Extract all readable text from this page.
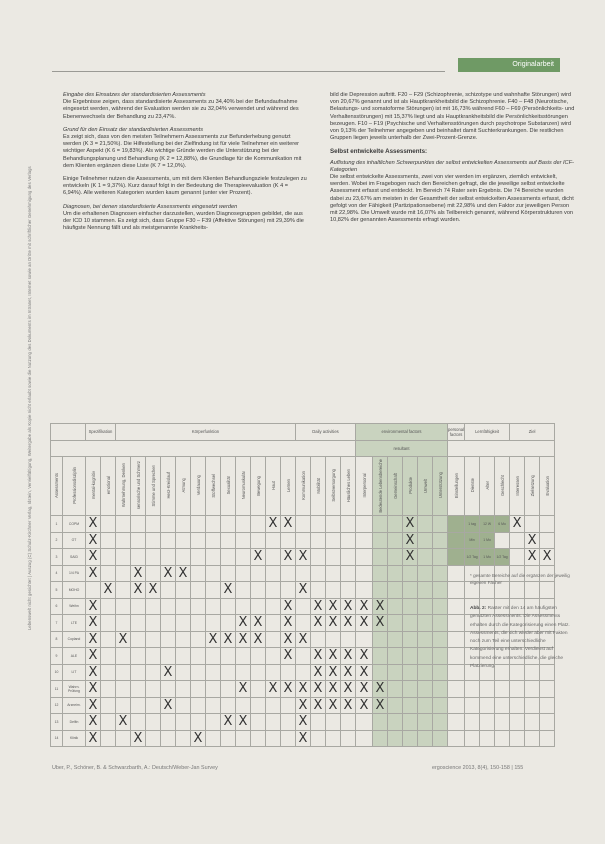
Originalarbeit
Lebenswelt nicht gesichtet | Auszug (C) Schulz-Kirchner Verlag, Idstein, Vervielfältigung, Weitergabe als Kopie nicht erlaubt sowie die Nutzung des Dokuments im Intranet, Internet sowie an Dritte mit schriftlicher Genehmigung des Verlags

Eingabe des Einsatzes der standardisierten Assessments

Die Ergebnisse zeigen, dass standardisierte Assessments zu 34,40% bei der Befundaufnahme eingesetzt werden, während der Evaluation werden sie zu 32,04% verwendet und während des Ebenenwechsels der Behandlung zu 23,47%.

Grund für den Einsatz der standardisierten Assessments

Es zeigt sich, dass von den meisten Teilnehmern Assessments zur Befunderhebung genutzt werden (K 3 = 21,50%). Die Hilfestellung bei der Zielfindung ist für viele Teilnehmer ein weiterer wichtiger Aspekt (K 6 = 19,83%). Als wichtige Gründe werden die Unterstützung bei der Behandlungsplanung und Behandlung (K 2 = 12,88%), die Grundlage für die Kommunikation mit dem Klienten ergänzen diese Liste (K 7 = 12,0%).

Einige Teilnehmer nutzen die Assessments, um mit dem Klienten Behandlungsziele festzulegen zu entwickeln (K 1 = 9,37%). Kurz darauf folgt in der Bedeutung die Therapieevaluation (K 4 = 6,94%). Alle weiteren Kategorien wurden kaum genannt (unter vier Prozent).

Diagnosen, bei denen standardisierte Assessments eingesetzt werden

Um die erhaltenen Diagnosen einfacher darzustellen, wurden Diagnosegruppen gebildet, die aus der ICD 10 stammen. Es zeigt sich, dass Gruppe F30 – F39 (Affektive Störungen) mit 29,39% die häufigste Nennung fällt und als meistgenannte Krankheits-

bild die Depression auftritt. F20 – F29 (Schizophrenie, schizotype und wahnhafte Störungen) wird von 20,67% genannt und ist als Hauptkrankheitsbild die Schizophrenie. F40 – F48 (Neurotische, Belastungs- und somatoforme Störungen) ist mit 16,73% während F60 – F69 (Persönlichkeits- und Verhaltensstörungen) mit 15,37% liegt und als Hauptkrankheitsbild die Persönlichkeitsstörungen bezeugen. F10 – F19 (Psychische und Verhaltensstörungen durch psychotrope Substanzen) wird von 9,13% der Teilnehmer angegeben und beinhaltet damit Suchterkrankungen. Die restlichen Gruppen liegen jeweils unterhalb der Zwei-Prozent-Grenze.

Selbst entwickelte Assessments:

Auflistung des inhaltlichen Schwerpunktes der selbst entwickelten Assessments auf Basis der ICF-Kategorien

Die selbst entwickelte Assessments, zwei von vier werden im ergänzen, ziemlich entwickelt, werden. Wobei im Fragebogen nach den Bereichen gefragt, die die jeweilige selbst entwickelte Assessment erfasst und entdeckt. Im Bereich 74 Rater sein Ergebnis. Die 74 Bereiche wurden dabei zu 23,67% am meisten in der Gesamtheit der selbst entwickelten Assessments erfasst, dicht gefolgt von der Fähigkeit (Partizipationsebene) mit 22,98% und den Faktor zur jeweiligen Person mit 22,98%. Die Umwelt wurde mit 16,07% als Teilbereich genannt, während Körperstrukturen von 10,82% der genannten Assessments erfragt wurden.

		Spezifikation		Körperfunktion												Daily activities				environmental factors						personal factors	Lernfähigkeit			Ziel		
																				resultant												
Assessments	Professionsdisziplin	mental-kognitiv	emotional	Wahrnehmung, Denken	sensorische und Schmerz	Stimme und Sprechen	Herz-Kreislauf	Atmung	Verdauung	Stoffwechsel	Sexualität	Neuromuskulär	Bewegung	Haut	Lernen	Kommunikation	Mobilität	Selbstversorgung	Häusliches Leben	Interpersonal	Bedeutende Lebensbereiche	Gemeinschaft	Produkte	Umwelt	Unterstützung	Einstellungen	Dienste	Alter	Geschlecht	Interessen	Zielsetzung	Evaluation
1	COPM	X												X	X								X				1 tag	12 W	6 Mo	X		
2	OT	X																					X				Min	1 Mo			X	
3	SAID	X											X		X	X							X				1/2 Tag	1 Mo	1/2 Tag		X	X
4	1/4 PA	X			X		X	X																								
5	MOHO		X		X	X					X					X																
6	Weihn	X													X		X	X	X	X	X											
7	LTE	X										X	X		X		X	X	X	X	X											
8	Copland	X		X						X	X	X	X		X	X																
9	ALE	X													X		X	X	X	X												
10	LIT	X					X										X	X	X	X												
11	Wahrn. Prüfung	X										X		X	X	X	X	X	X	X	X											
12	Arzneim.	X					X									X	X	X	X	X	X											
13	Delfin	X		X							X	X				X																
14	Klinik	X			X				X							X																
* gesamte Bereiche auf die ergänzen der jeweilig eigenen Fächer
Abb. 2: Raster mit den 14 am häufigsten genutzten Assessments. Die Assessments erhalten durch die Kategorisierung einen Platz. Assessments, die sich wieder aber mit Fakten noch zum Teil eine unterschiedliche Kategorisierung erhalten. Verdienst auf kommend eine unterschiedliche, die gleiche Platzierung.
Uber, P., Schöner, B. & Schwarzbarth, A.: Deutsch/Weber-Jan Survey	ergoscience 2013, 8(4), 150-158 | 155
